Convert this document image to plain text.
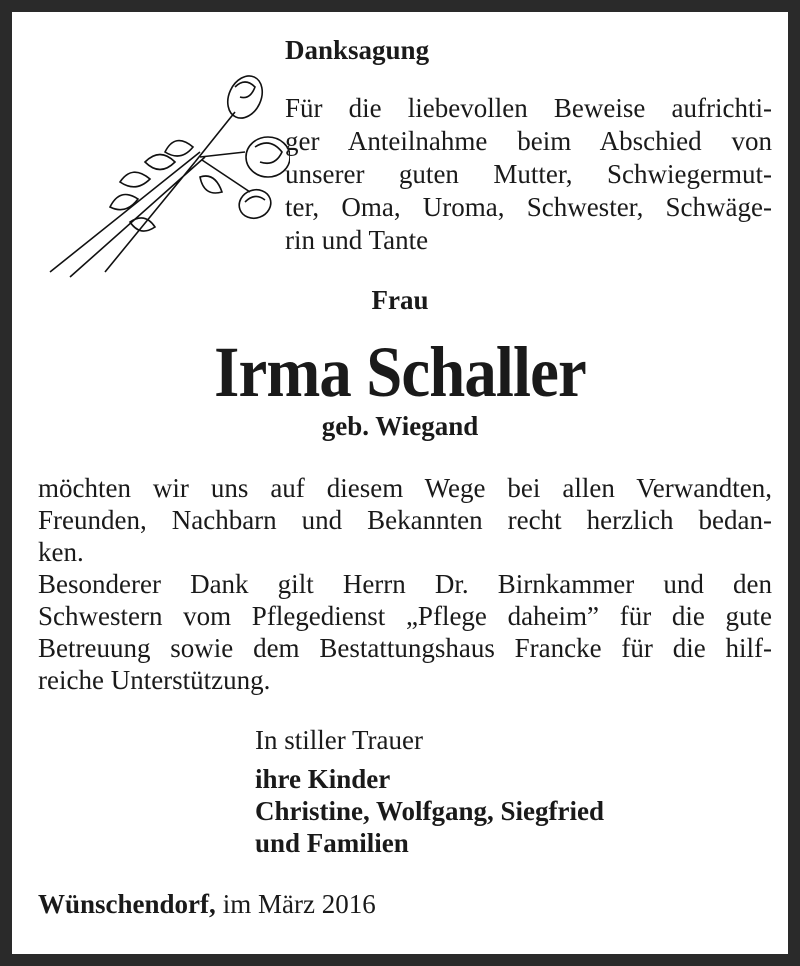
Danksagung
Für die liebevollen Beweise aufrichti-
ger Anteilnahme beim Abschied von
unserer guten Mutter, Schwiegermut-
ter, Oma, Uroma, Schwester, Schwäge-
rin und Tante
Frau
Irma Schaller
geb. Wiegand
möchten wir uns auf diesem Wege bei allen Verwandten,
Freunden, Nachbarn und Bekannten recht herzlich bedan-
ken.
Besonderer Dank gilt Herrn Dr. Birnkammer und den
Schwestern vom Pflegedienst „Pflege daheim” für die gute
Betreuung sowie dem Bestattungshaus Francke für die hilf-
reiche Unterstützung.
In stiller Trauer
ihre Kinder
Christine, Wolfgang, Siegfried
und Familien
Wünschendorf, im März 2016
